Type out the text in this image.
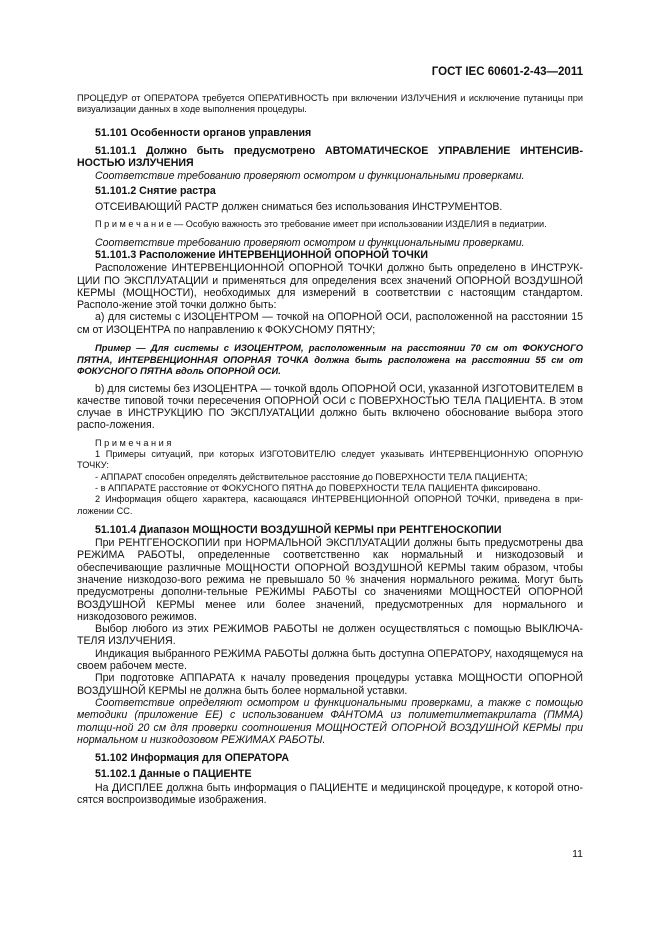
ГОСТ IEC 60601-2-43—2011

ПРОЦЕДУР от ОПЕРАТОРА требуется ОПЕРАТИВНОСТЬ при включении ИЗЛУЧЕНИЯ и исключение путаницы при визуализации данных в ходе выполнения процедуры.

51.101 Особенности органов управления

51.101.1 Должно быть предусмотрено АВТОМАТИЧЕСКОЕ УПРАВЛЕНИЕ ИНТЕНСИВ-НОСТЬЮ ИЗЛУЧЕНИЯ

Соответствие требованию проверяют осмотром и функциональными проверками.

51.101.2 Снятие растра

ОТСЕИВАЮЩИЙ РАСТР должен сниматься без использования ИНСТРУМЕНТОВ.

П р и м е ч а н и е — Особую важность это требование имеет при использовании ИЗДЕЛИЯ в педиатрии.

Соответствие требованию проверяют осмотром и функциональными проверками.

51.101.3 Расположение ИНТЕРВЕНЦИОННОЙ ОПОРНОЙ ТОЧКИ

Расположение ИНТЕРВЕНЦИОННОЙ ОПОРНОЙ ТОЧКИ должно быть определено в ИНСТРУК-ЦИИ ПО ЭКСПЛУАТАЦИИ и применяться для определения всех значений ОПОРНОЙ ВОЗДУШНОЙ КЕРМЫ (МОЩНОСТИ), необходимых для измерений в соответствии с настоящим стандартом. Располо-жение этой точки должно быть:

а) для системы с ИЗОЦЕНТРОМ — точкой на ОПОРНОЙ ОСИ, расположенной на расстоянии 15 см от ИЗОЦЕНТРА по направлению к ФОКУСНОМУ ПЯТНУ;

Пример — Для системы с ИЗОЦЕНТРОМ, расположенным на расстоянии 70 см от ФОКУСНОГО ПЯТНА, ИНТЕРВЕНЦИОННАЯ ОПОРНАЯ ТОЧКА должна быть расположена на расстоянии 55 см от ФОКУСНОГО ПЯТНА вдоль ОПОРНОЙ ОСИ.

b) для системы без ИЗОЦЕНТРА — точкой вдоль ОПОРНОЙ ОСИ, указанной ИЗГОТОВИТЕЛЕМ в качестве типовой точки пересечения ОПОРНОЙ ОСИ с ПОВЕРХНОСТЬЮ ТЕЛА ПАЦИЕНТА. В этом случае в ИНСТРУКЦИЮ ПО ЭКСПЛУАТАЦИИ должно быть включено обоснование выбора этого распо-ложения.

П р и м е ч а н и я

1 Примеры ситуаций, при которых ИЗГОТОВИТЕЛЮ следует указывать ИНТЕРВЕНЦИОННУЮ ОПОРНУЮ ТОЧКУ:

- АППАРАТ способен определять действительное расстояние до ПОВЕРХНОСТИ ТЕЛА ПАЦИЕНТА;

- в АППАРАТЕ расстояние от ФОКУСНОГО ПЯТНА до ПОВЕРХНОСТИ ТЕЛА ПАЦИЕНТА фиксировано.

2 Информация общего характера, касающаяся ИНТЕРВЕНЦИОННОЙ ОПОРНОЙ ТОЧКИ, приведена в при-ложении СС.

51.101.4 Диапазон МОЩНОСТИ ВОЗДУШНОЙ КЕРМЫ при РЕНТГЕНОСКОПИИ

При РЕНТГЕНОСКОПИИ при НОРМАЛЬНОЙ ЭКСПЛУАТАЦИИ должны быть предусмотрены два РЕЖИМА РАБОТЫ, определенные соответственно как нормальный и низкодозовый и обеспечивающие различные МОЩНОСТИ ОПОРНОЙ ВОЗДУШНОЙ КЕРМЫ таким образом, чтобы значение низкодозо-вого режима не превышало 50 % значения нормального режима. Могут быть предусмотрены дополни-тельные РЕЖИМЫ РАБОТЫ со значениями МОЩНОСТЕЙ ОПОРНОЙ ВОЗДУШНОЙ КЕРМЫ менее или более значений, предусмотренных для нормального и низкодозового режимов.

Выбор любого из этих РЕЖИМОВ РАБОТЫ не должен осуществляться с помощью ВЫКЛЮЧА-ТЕЛЯ ИЗЛУЧЕНИЯ.

Индикация выбранного РЕЖИМА РАБОТЫ должна быть доступна ОПЕРАТОРУ, находящемуся на своем рабочем месте.

При подготовке АППАРАТА к началу проведения процедуры уставка МОЩНОСТИ ОПОРНОЙ ВОЗДУШНОЙ КЕРМЫ не должна быть более нормальной уставки.

Соответствие определяют осмотром и функциональными проверками, а также с помощью методики (приложение ЕЕ) с использованием ФАНТОМА из полиметилметакрилата (ПММА) толщи-ной 20 см для проверки соотношения МОЩНОСТЕЙ ОПОРНОЙ ВОЗДУШНОЙ КЕРМЫ при нормальном и низкодозовом РЕЖИМАХ РАБОТЫ.

51.102 Информация для ОПЕРАТОРА

51.102.1 Данные о ПАЦИЕНТЕ

На ДИСПЛЕЕ должна быть информация о ПАЦИЕНТЕ и медицинской процедуре, к которой отно-сятся воспроизводимые изображения.

11
